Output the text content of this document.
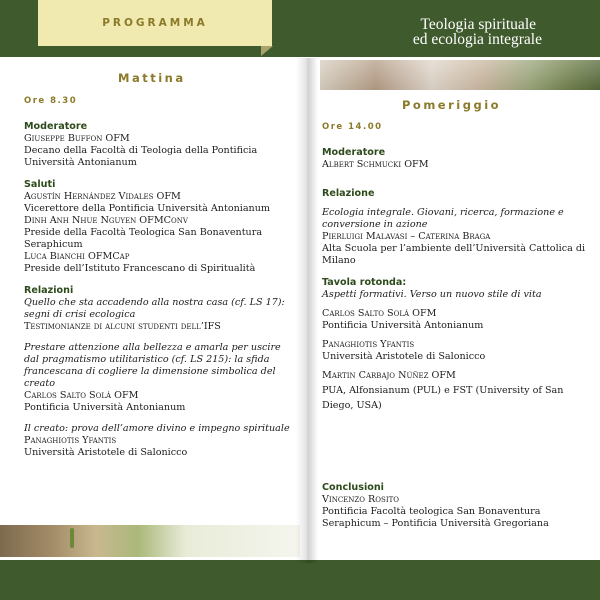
PROGRAMMA	Teologia spirituale
ed ecologia integrale
Mattina
Ore 8.30
Moderatore
Giuseppe Buffon OFM
Decano della Facoltà di Teologia della Pontificia
Università Antonianum
Saluti
Agustín Hernández Vidales OFM
Vicerettore della Pontificia Università Antonianum
Dinh Anh Nhue Nguyen OFMConv
Preside della Facoltà Teologica San Bonaventura
Seraphicum
Luca Bianchi OFMCap
Preside dell’Istituto Francescano di Spiritualità
Relazioni
Quello che sta accadendo alla nostra casa (cf. LS 17):
segni di crisi ecologica
Testimonianze di alcuni studenti dell’IFS
Prestare attenzione alla bellezza e amarla per uscire
dal pragmatismo utilitaristico (cf. LS 215): la sfida
francescana di cogliere la dimensione simbolica del
creato
Carlos Salto Solá OFM
Pontificia Università Antonianum
Il creato: prova dell’amore divino e impegno spirituale
Panaghiotis Yfantis
Università Aristotele di Salonicco
Pomeriggio
Ore 14.00
Moderatore
Albert Schmucki OFM
Relazione
Ecologia integrale. Giovani, ricerca, formazione e
conversione in azione
Pierluigi Malavasi – Caterina Braga
Alta Scuola per l’ambiente dell’Università Cattolica di
Milano
Tavola rotonda:
Aspetti formativi. Verso un nuovo stile di vita
Carlos Salto Solá OFM
Pontificia Università Antonianum
Panaghiotis Yfantis
Università Aristotele di Salonicco
Martin Carbajo Núñez OFM
PUA, Alfonsianum (PUL) e FST (University of San
Diego, USA)
Conclusioni
Vincenzo Rosito
Pontificia Facoltà teologica San Bonaventura
Seraphicum – Pontificia Università Gregoriana
